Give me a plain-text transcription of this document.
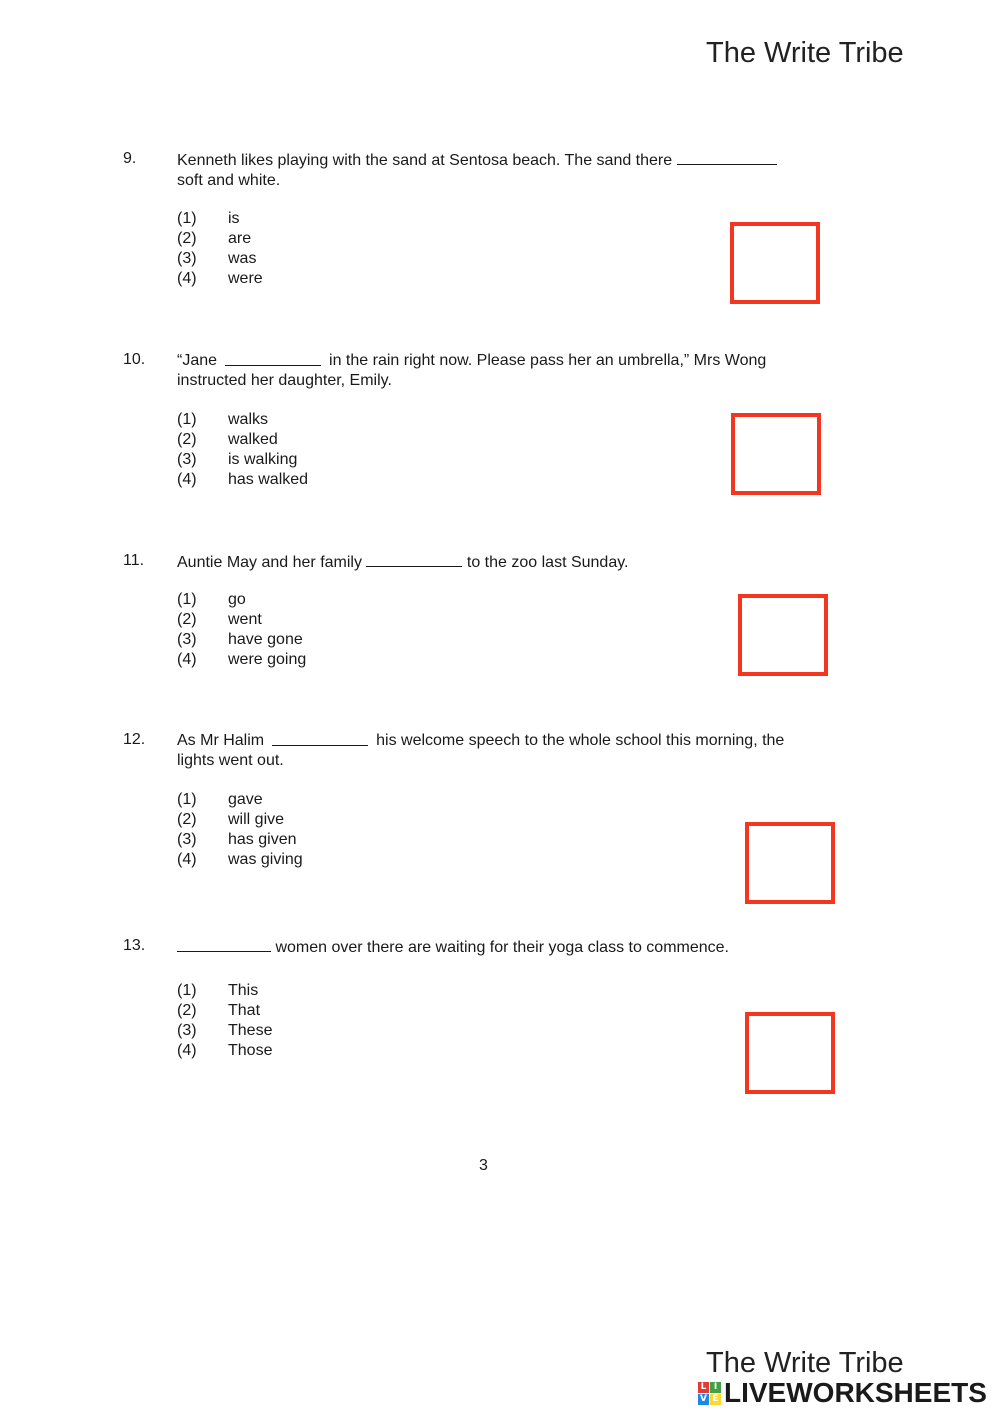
The Write Tribe
9.	Kenneth likes playing with the sand at Sentosa beach. The sand there
soft and white.
(1)	is
(2)	are
(3)	was
(4)	were
10. “Jane	in the rain right now. Please pass her an umbrella,” Mrs Wong
instructed her daughter, Emily.
(1)	walks
(2)	walked
(3)	is walking
(4)	has walked
11. Auntie May and her family	to the zoo last Sunday.
(1)	go
(2)	went
(3)	have gone
(4)	were going
12. As Mr Halim	his welcome speech to the whole school this morning, the
lights went out.
(1)	gave
(2)	will give
(3)	has given
(4)	was giving
13.	women over there are waiting for their yoga class to commence.
(1)	This
(2)	That
(3)	These
(4)	Those
3
The Write Tribe
L I
V E LIVEWORKSHEETS
